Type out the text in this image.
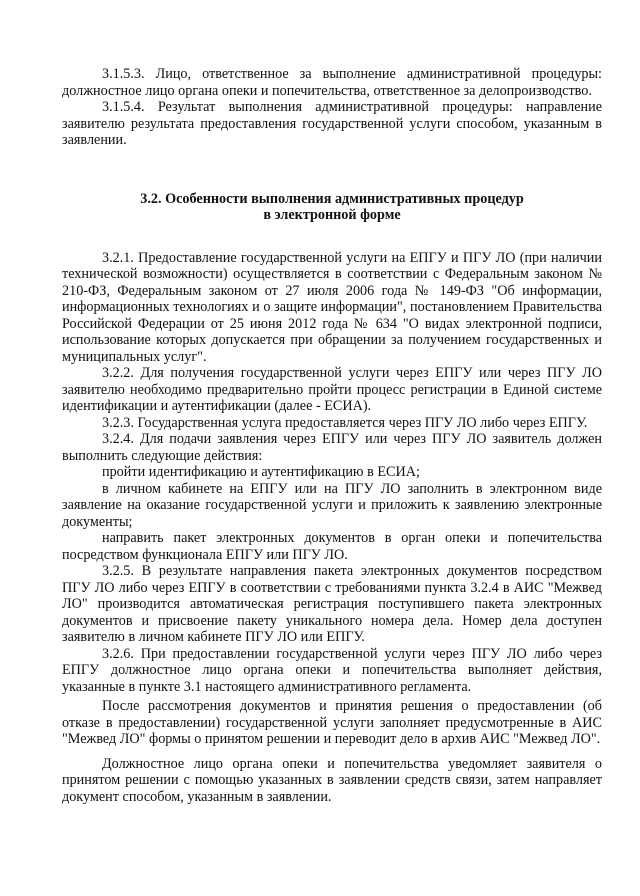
3.1.5.3. Лицо, ответственное за выполнение административной процедуры: должностное лицо органа опеки и попечительства, ответственное за делопроизводство.

3.1.5.4. Результат выполнения административной процедуры: направление заявителю результата предоставления государственной услуги способом, указанным в заявлении.

3.2. Особенности выполнения административных процедур
в электронной форме

3.2.1. Предоставление государственной услуги на ЕПГУ и ПГУ ЛО (при наличии технической возможности) осуществляется в соответствии с Федеральным законом № 210-ФЗ, Федеральным законом от 27 июля 2006 года № 149-ФЗ "Об информации, информационных технологиях и о защите информации", постановлением Правительства Российской Федерации от 25 июня 2012 года № 634 "О видах электронной подписи, использование которых допускается при обращении за получением государственных и муниципальных услуг".

3.2.2. Для получения государственной услуги через ЕПГУ или через ПГУ ЛО заявителю необходимо предварительно пройти процесс регистрации в Единой системе идентификации и аутентификации (далее - ЕСИА).

3.2.3. Государственная услуга предоставляется через ПГУ ЛО либо через ЕПГУ.

3.2.4. Для подачи заявления через ЕПГУ или через ПГУ ЛО заявитель должен выполнить следующие действия:

пройти идентификацию и аутентификацию в ЕСИА;

в личном кабинете на ЕПГУ или на ПГУ ЛО заполнить в электронном виде заявление на оказание государственной услуги и приложить к заявлению электронные документы;

направить пакет электронных документов в орган опеки и попечительства посредством функционала ЕПГУ или ПГУ ЛО.

3.2.5. В результате направления пакета электронных документов посредством ПГУ ЛО либо через ЕПГУ в соответствии с требованиями пункта 3.2.4 в АИС "Межвед ЛО" производится автоматическая регистрация поступившего пакета электронных документов и присвоение пакету уникального номера дела. Номер дела доступен заявителю в личном кабинете ПГУ ЛО или ЕПГУ.

3.2.6. При предоставлении государственной услуги через ПГУ ЛО либо через ЕПГУ должностное лицо органа опеки и попечительства выполняет действия, указанные в пункте 3.1 настоящего административного регламента.

После рассмотрения документов и принятия решения о предоставлении (об отказе в предоставлении) государственной услуги заполняет предусмотренные в АИС "Межвед ЛО" формы о принятом решении и переводит дело в архив АИС "Межвед ЛО".

Должностное лицо органа опеки и попечительства уведомляет заявителя о принятом решении с помощью указанных в заявлении средств связи, затем направляет документ способом, указанным в заявлении.
